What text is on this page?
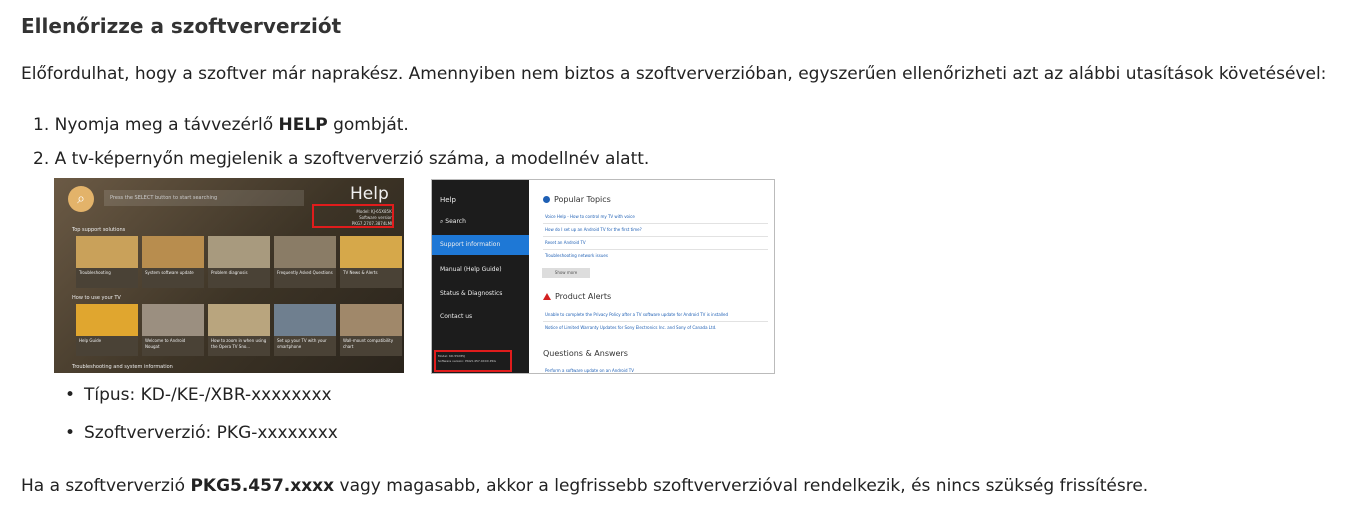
Ellenőrizze a szoftververziót

Előfordulhat, hogy a szoftver már naprakész. Amennyiben nem biztos a szoftververzióban, egyszerűen ellenőrizheti azt az alábbi utasítások követésével:

1. Nyomja meg a távvezérlő HELP gombját.
2. A tv-képernyőn megjelenik a szoftververzió száma, a modellnév alatt.
⌕	Press the SELECT button to start searching	Help
Model: KJ-65X85KF
Software version: PKG7.2707.3874LMU
Top support solutions
Troubleshooting	System software update	Problem diagnosis	Frequently Asked Questions	TV News & Alerts
How to use your TV
Help Guide	Welcome to Android Nougat
How to zoom in when using the Opera TV Sno...
Set up your TV with your smartphone
Wall-mount compatibility chart
Troubleshooting and system information
Help
⌕ Search
Support information
Manual (Help Guide)
Status & Diagnostics
Contact us
Model: KD-55X85J
Software version: PKG5.457.0XXX.PKG
Popular Topics
Voice Help - How to control my TV with voice
How do I set up an Android TV for the first time?
Reset an Android TV
Troubleshooting network issues
Show more
Product Alerts
Unable to complete the Privacy Policy after a TV software update for Android TV is installed
Notice of Limited Warranty Updates for Sony Electronics Inc. and Sony of Canada Ltd.
Questions & Answers
Perform a software update on an Android TV
• Típus: KD-/KE-/XBR-xxxxxxxx
• Szoftververzió: PKG-xxxxxxxx

Ha a szoftververzió PKG5.457.xxxx vagy magasabb, akkor a legfrissebb szoftververzióval rendelkezik, és nincs szükség frissítésre.
